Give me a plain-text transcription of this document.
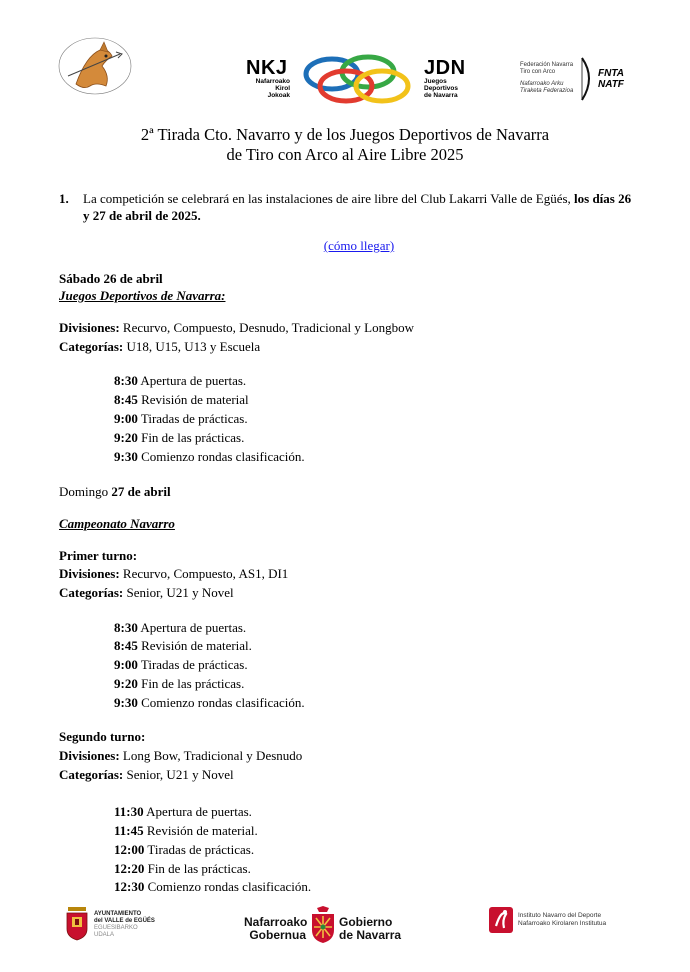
NKJ
Nafarroako
Kirol
Jokoak
JDN
Juegos
Deportivos
de Navarra
Federación Navarra
Tiro con Arco
Nafarroako Arku
Tiraketa Federazioa
FNTA
NATF
2ª Tirada Cto. Navarro y de los Juegos Deportivos de Navarra
de Tiro con Arco al Aire Libre 2025
1. La competición se celebrará en las instalaciones de aire libre del Club Lakarri Valle de Egüés, los días 26 y 27 de abril de 2025.
(cómo llegar)
Sábado 26 de abril
Juegos Deportivos de Navarra:
Divisiones: Recurvo, Compuesto, Desnudo, Tradicional y Longbow
Categorías: U18, U15, U13 y Escuela
8:30 Apertura de puertas.
8:45 Revisión de material
9:00 Tiradas de prácticas.
9:20 Fin de las prácticas.
9:30 Comienzo rondas clasificación.
Domingo 27 de abril
Campeonato Navarro
Primer turno:
Divisiones: Recurvo, Compuesto, AS1, DI1
Categorías: Senior, U21 y Novel
8:30 Apertura de puertas.
8:45 Revisión de material.
9:00 Tiradas de prácticas.
9:20 Fin de las prácticas.
9:30 Comienzo rondas clasificación.
Segundo turno:
Divisiones: Long Bow, Tradicional y Desnudo
Categorías: Senior, U21 y Novel
11:30 Apertura de puertas.
11:45 Revisión de material.
12:00 Tiradas de prácticas.
12:20 Fin de las prácticas.
12:30 Comienzo rondas clasificación.
AYUNTAMIENTO
del VALLE de EGÜÉS
EGUESIBARKO
UDALA
Nafarroako
Gobernua
Gobierno
de Navarra
Instituto Navarro del Deporte
Nafarroako Kirolaren Institutua
